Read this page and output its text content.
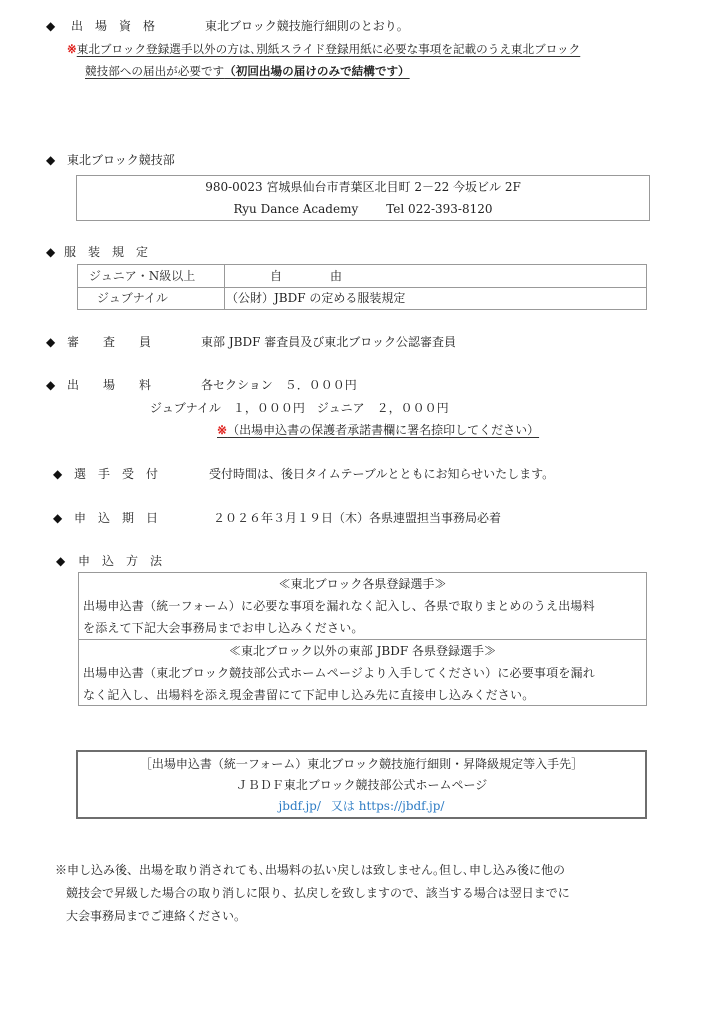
◆ 出　場　資　格	東北ブロック競技施行細則のとおり。
※東北ブロック登録選手以外の方は､別紙スライド登録用紙に必要な事項を記載のうえ東北ブロック
競技部への届出が必要です（初回出場の届けのみで結構です）
◆ 東北ブロック競技部
980-0023 宮城県仙台市青葉区北目町 2－22 今坂ビル 2F
Ryu Dance Academy Tel 022-393-8120
◆ 服　装　規　定
ジュニア・N級以上	自　　　　由
ジュブナイル	（公財）JBDF の定める服装規定
◆ 審　　査　　員	東部 JBDF 審査員及び東北ブロック公認審査員
◆ 出　　場　　料	各セクション　５．０００円
ジュブナイル　１，０００円　ジュニア　２，０００円
※（出場申込書の保護者承諾書欄に署名捺印してください）
◆ 選　手　受　付	受付時間は、後日タイムテーブルとともにお知らせいたします。
◆ 申　込　期　日	２０２６年３月１９日（木）各県連盟担当事務局必着
◆ 申　込　方　法
≪東北ブロック各県登録選手≫
出場申込書（統一フォーム）に必要な事項を漏れなく記入し、各県で取りまとめのうえ出場料
を添えて下記大会事務局までお申し込みください。
≪東北ブロック以外の東部 JBDF 各県登録選手≫
出場申込書（東北ブロック競技部公式ホームページより入手してください）に必要事項を漏れ
なく記入し、出場料を添え現金書留にて下記申し込み先に直接申し込みください。
［出場申込書（統一フォーム）東北ブロック競技施行細則・昇降級規定等入手先］
ＪＢＤＦ東北ブロック競技部公式ホームページ
jbdf.jp/ 又は https://jbdf.jp/
※申し込み後、出場を取り消されても､出場料の払い戻しは致しません｡但し､申し込み後に他の
競技会で昇級した場合の取り消しに限り、払戻しを致しますので、該当する場合は翌日までに
大会事務局までご連絡ください。
